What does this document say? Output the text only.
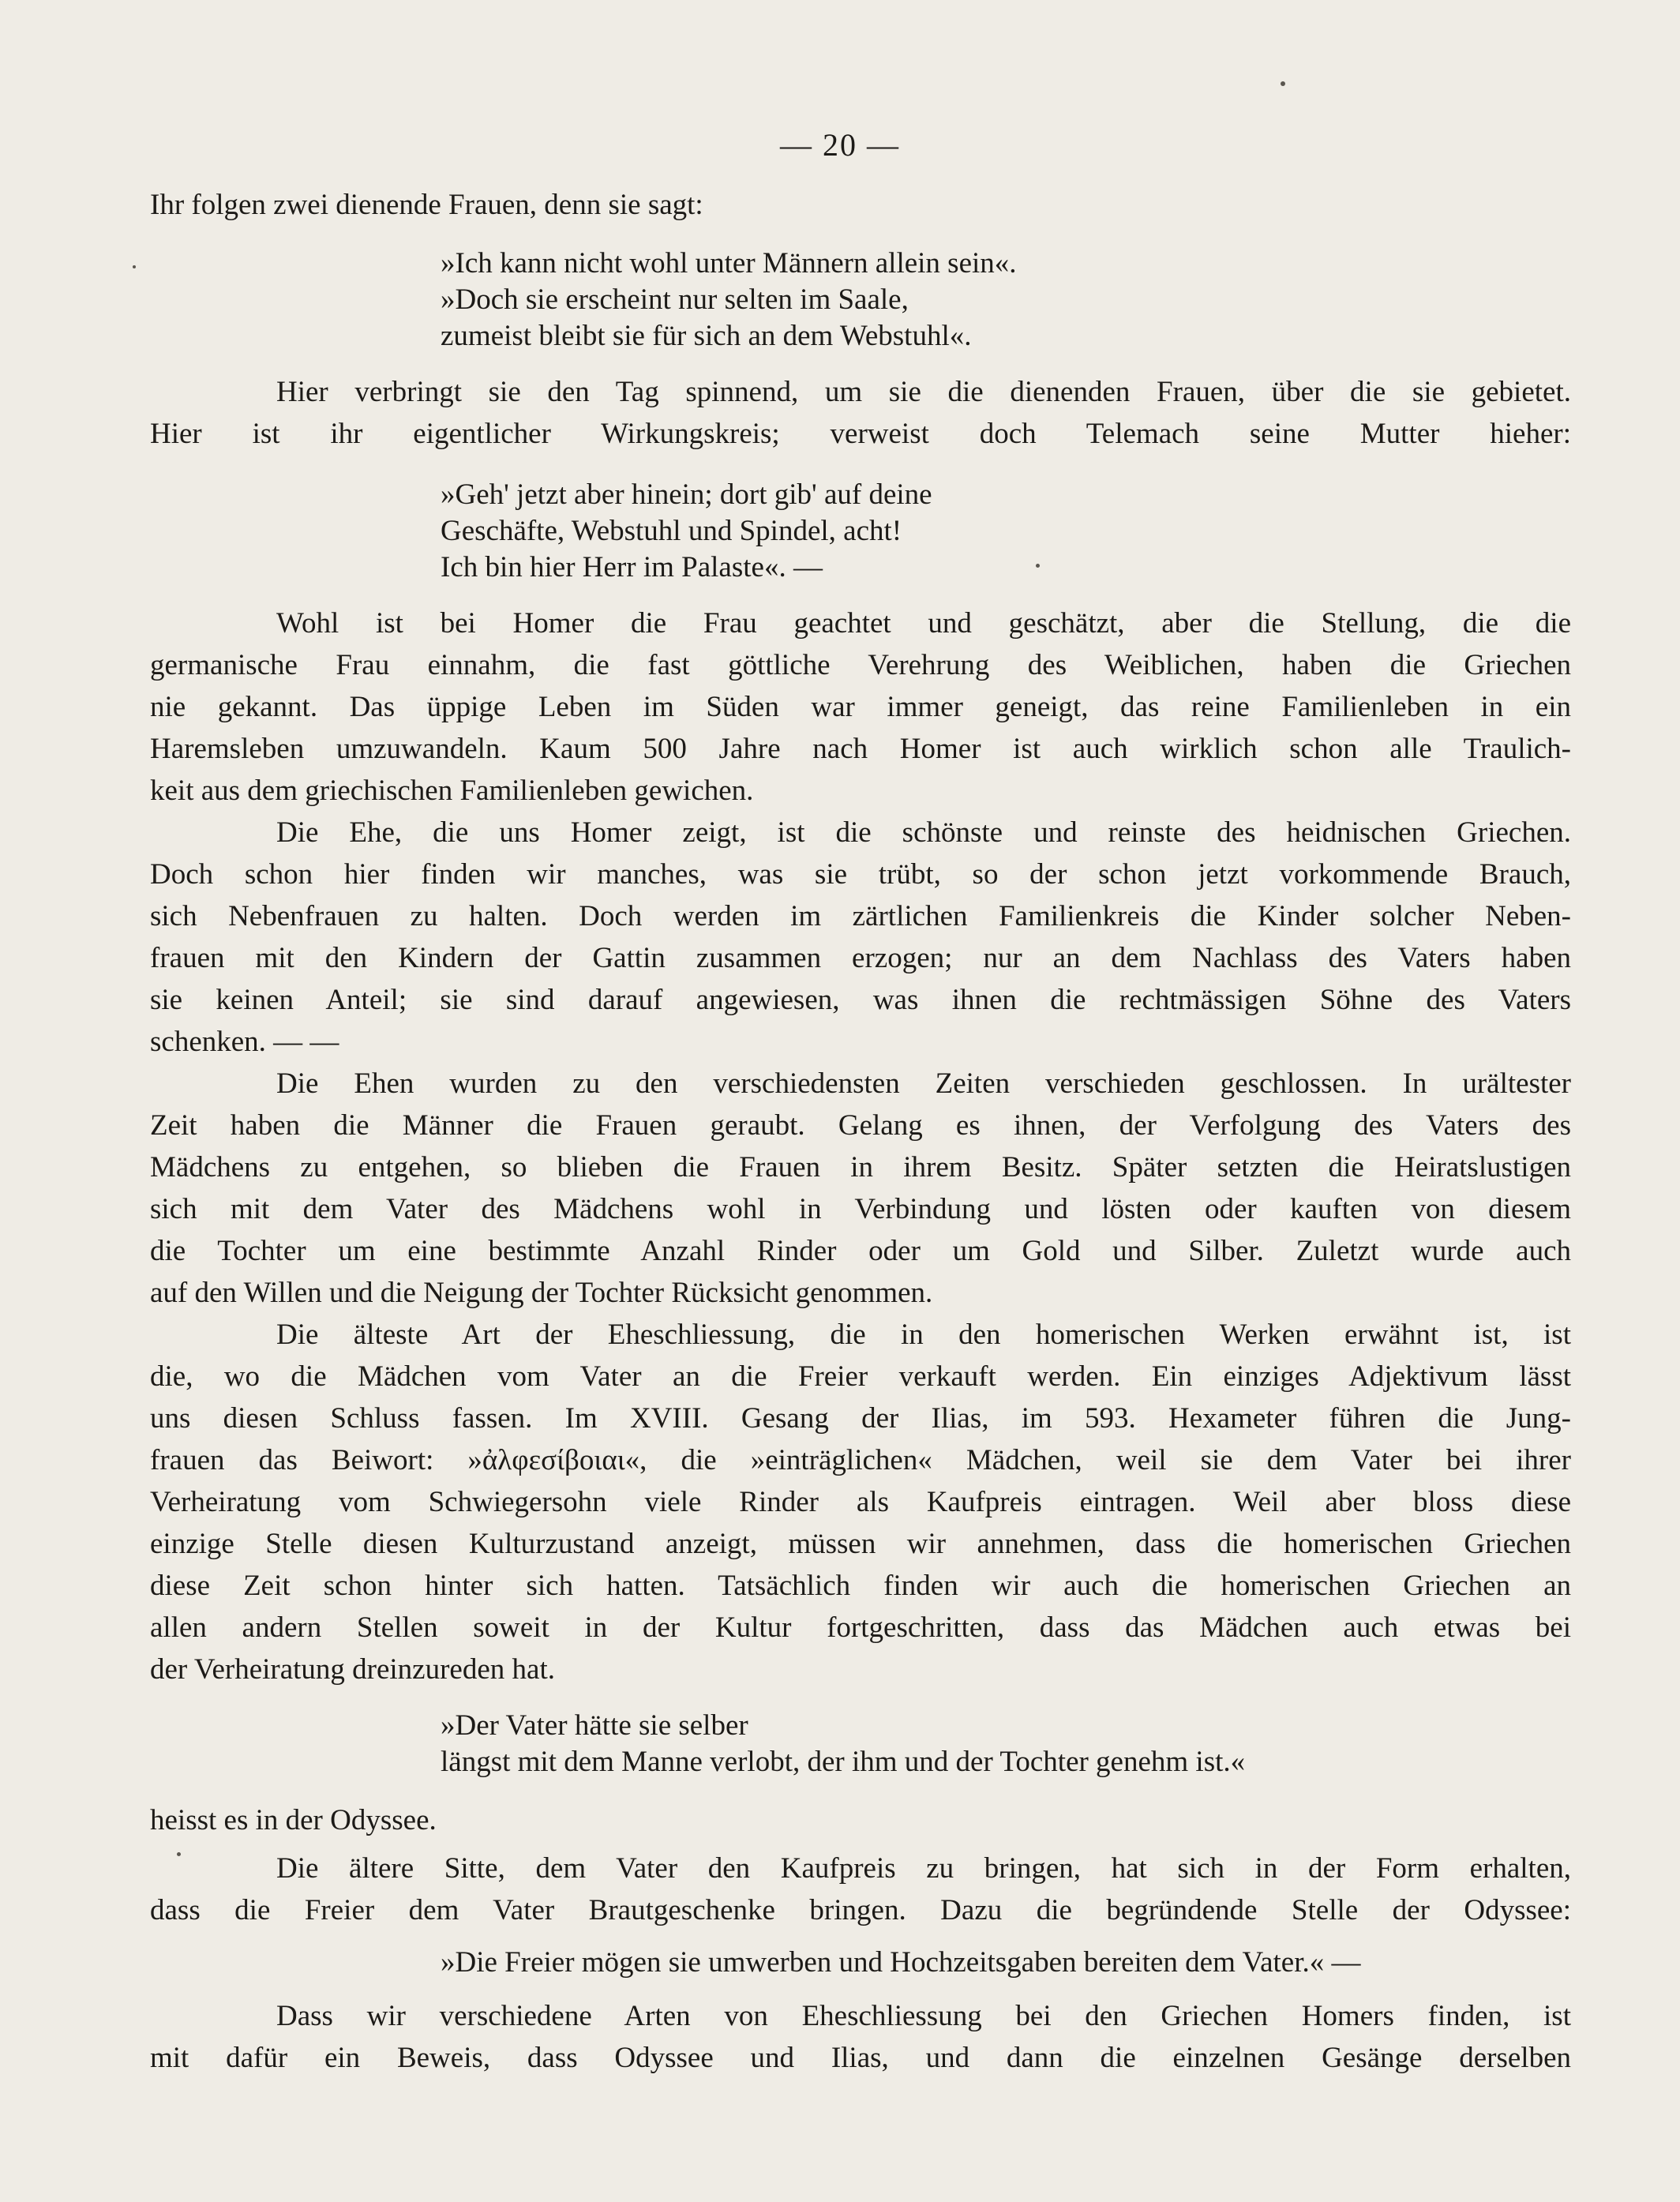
— 20 —
Ihr folgen zwei dienende Frauen, denn sie sagt:
»Ich kann nicht wohl unter Männern allein sein«.
»Doch sie erscheint nur selten im Saale,
zumeist bleibt sie für sich an dem Webstuhl«.
Hier verbringt sie den Tag spinnend, um sie die dienenden Frauen, über die sie gebietet.
Hier ist ihr eigentlicher Wirkungskreis; verweist doch Telemach seine Mutter hieher:
»Geh' jetzt aber hinein; dort gib' auf deine
Geschäfte, Webstuhl und Spindel, acht!
Ich bin hier Herr im Palaste«. —
Wohl ist bei Homer die Frau geachtet und geschätzt, aber die Stellung, die die
germanische Frau einnahm, die fast göttliche Verehrung des Weiblichen, haben die Griechen
nie gekannt. Das üppige Leben im Süden war immer geneigt, das reine Familienleben in ein
Haremsleben umzuwandeln. Kaum 500 Jahre nach Homer ist auch wirklich schon alle Traulich-
keit aus dem griechischen Familienleben gewichen.
Die Ehe, die uns Homer zeigt, ist die schönste und reinste des heidnischen Griechen.
Doch schon hier finden wir manches, was sie trübt, so der schon jetzt vorkommende Brauch,
sich Nebenfrauen zu halten. Doch werden im zärtlichen Familienkreis die Kinder solcher Neben-
frauen mit den Kindern der Gattin zusammen erzogen; nur an dem Nachlass des Vaters haben
sie keinen Anteil; sie sind darauf angewiesen, was ihnen die rechtmässigen Söhne des Vaters
schenken. — —
Die Ehen wurden zu den verschiedensten Zeiten verschieden geschlossen. In urältester
Zeit haben die Männer die Frauen geraubt. Gelang es ihnen, der Verfolgung des Vaters des
Mädchens zu entgehen, so blieben die Frauen in ihrem Besitz. Später setzten die Heiratslustigen
sich mit dem Vater des Mädchens wohl in Verbindung und lösten oder kauften von diesem
die Tochter um eine bestimmte Anzahl Rinder oder um Gold und Silber. Zuletzt wurde auch
auf den Willen und die Neigung der Tochter Rücksicht genommen.
Die älteste Art der Eheschliessung, die in den homerischen Werken erwähnt ist, ist
die, wo die Mädchen vom Vater an die Freier verkauft werden. Ein einziges Adjektivum lässt
uns diesen Schluss fassen. Im XVIII. Gesang der Ilias, im 593. Hexameter führen die Jung-
frauen das Beiwort: »ἀλφεσίβοιαι«, die »einträglichen« Mädchen, weil sie dem Vater bei ihrer
Verheiratung vom Schwiegersohn viele Rinder als Kaufpreis eintragen. Weil aber bloss diese
einzige Stelle diesen Kulturzustand anzeigt, müssen wir annehmen, dass die homerischen Griechen
diese Zeit schon hinter sich hatten. Tatsächlich finden wir auch die homerischen Griechen an
allen andern Stellen soweit in der Kultur fortgeschritten, dass das Mädchen auch etwas bei
der Verheiratung dreinzureden hat.
»Der Vater hätte sie selber
längst mit dem Manne verlobt, der ihm und der Tochter genehm ist.«
heisst es in der Odyssee.
Die ältere Sitte, dem Vater den Kaufpreis zu bringen, hat sich in der Form erhalten,
dass die Freier dem Vater Brautgeschenke bringen. Dazu die begründende Stelle der Odyssee:
»Die Freier mögen sie umwerben und Hochzeitsgaben bereiten dem Vater.« —
Dass wir verschiedene Arten von Eheschliessung bei den Griechen Homers finden, ist
mit dafür ein Beweis, dass Odyssee und Ilias, und dann die einzelnen Gesänge derselben
